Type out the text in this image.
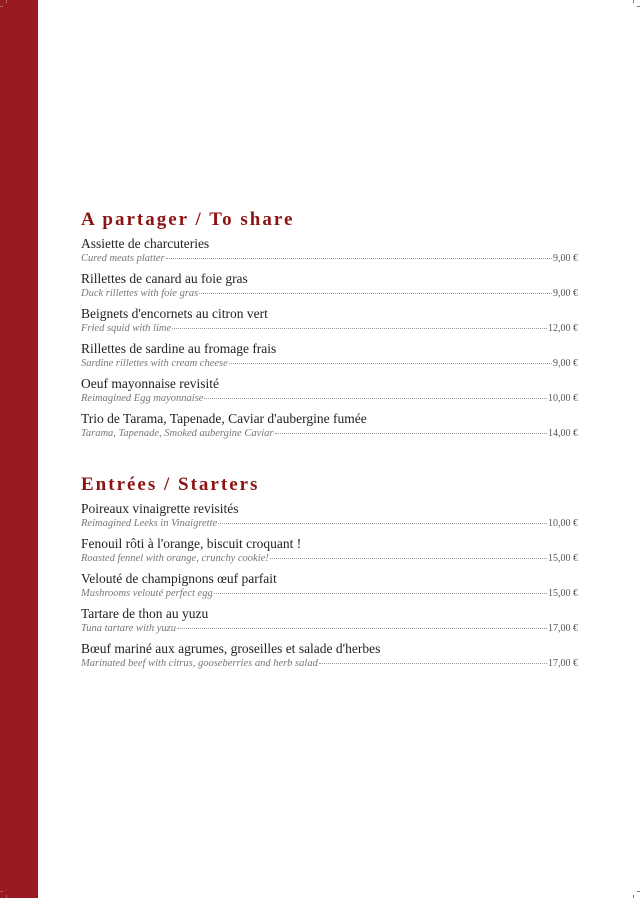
A partager / To share
Assiette de charcuteries
Cured meats platter	9,00 €
Rillettes de canard au foie gras
Duck rillettes with foie gras	9,00 €
Beignets d'encornets au citron vert
Fried squid with lime	12,00 €
Rillettes de sardine au fromage frais
Sardine rillettes with cream cheese	9,00 €
Oeuf mayonnaise revisité
Reimagined Egg mayonnaise	10,00 €
Trio de Tarama, Tapenade, Caviar d'aubergine fumée
Tarama, Tapenade, Smoked aubergine Caviar	14,00 €
Entrées / Starters
Poireaux vinaigrette revisités
Reimagined Leeks in Vinaigrette	10,00 €
Fenouil rôti à l'orange, biscuit croquant !
Roasted fennel with orange, crunchy cookie!	15,00 €
Velouté de champignons œuf parfait
Mushrooms velouté perfect egg	15,00 €
Tartare de thon au yuzu
Tuna tartare with yuzu	17,00 €
Bœuf mariné aux agrumes, groseilles et salade d'herbes
Marinated beef with citrus, gooseberries and herb salad	17,00 €
